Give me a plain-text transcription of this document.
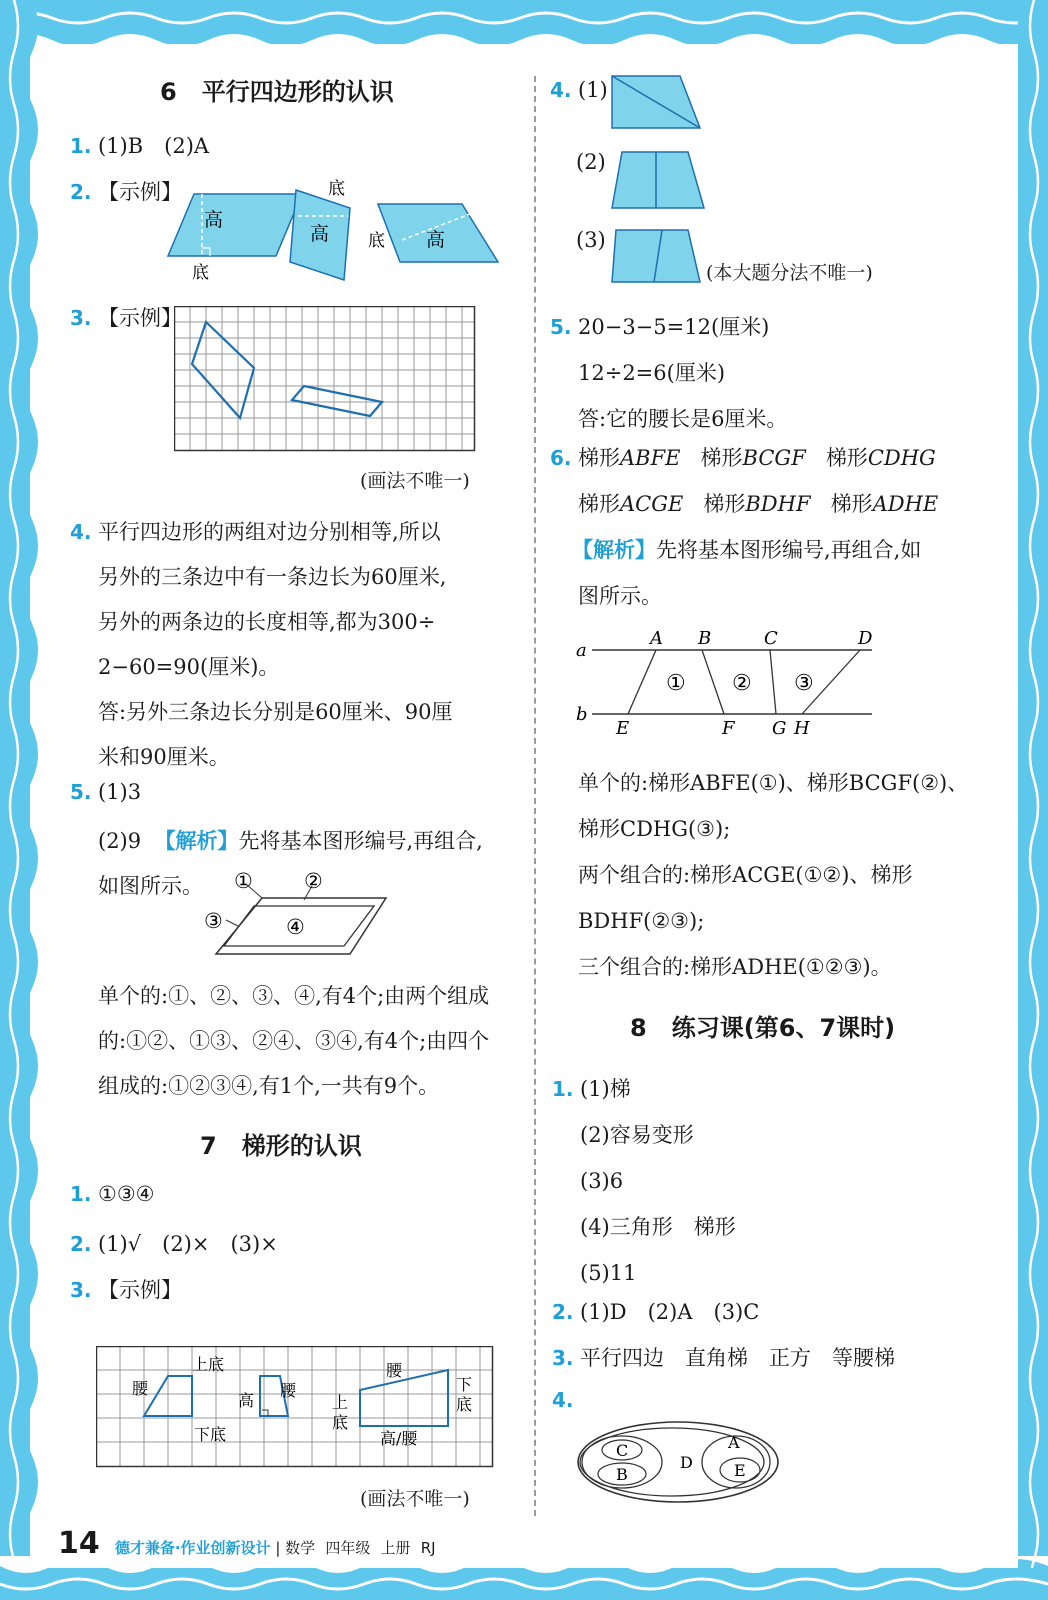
6 平行四边形的认识
1. (1)B　(2)A
2. 【示例】
高
底
高
底
高
底
3. 【示例】
(画法不唯一)
4. 平行四边形的两组对边分别相等,所以
另外的三条边中有一条边长为60厘米,
另外的两条边的长度相等,都为300÷
2−60=90(厘米)。
答:另外三条边长分别是60厘米、90厘
米和90厘米。
5. (1)3
(2)9 【解析】先将基本图形编号,再组合,
如图所示。 ① ②
③	④
单个的:①、②、③、④,有4个;由两个组成
的:①②、①③、②④、③④,有4个;由四个
组成的:①②③④,有1个,一共有9个。
7 梯形的认识
1. ①③④
2. (1)√　(2)×　(3)×
3. 【示例】
上底
下底
腰
高
腰
腰
上
底
下
底
高/腰
(画法不唯一)
4. (1)
(2)
(3)
(本大题分法不唯一)
5. 20−3−5=12(厘米)
12÷2=6(厘米)
答:它的腰长是6厘米。
6. 梯形ABFE 梯形BCGF 梯形CDHG
梯形ACGE 梯形BDHF 梯形ADHE
【解析】先将基本图形编号,再组合,如
图所示。
a
b
A B	C	D
E	F G H
① ② ③
单个的:梯形ABFE(①)、梯形BCGF(②)、
梯形CDHG(③);
两个组合的:梯形ACGE(①②)、梯形
BDHF(②③);
三个组合的:梯形ADHE(①②③)。
8 练习课(第6、7课时)
1. (1)梯
(2)容易变形
(3)6
(4)三角形　梯形
(5)11
2. (1)D　(2)A　(3)C
3. 平行四边　直角梯　正方　等腰梯
4.
C
B
D
A
E
14 德才兼备·作业创新设计 | 数学 四年级 上册 RJ
